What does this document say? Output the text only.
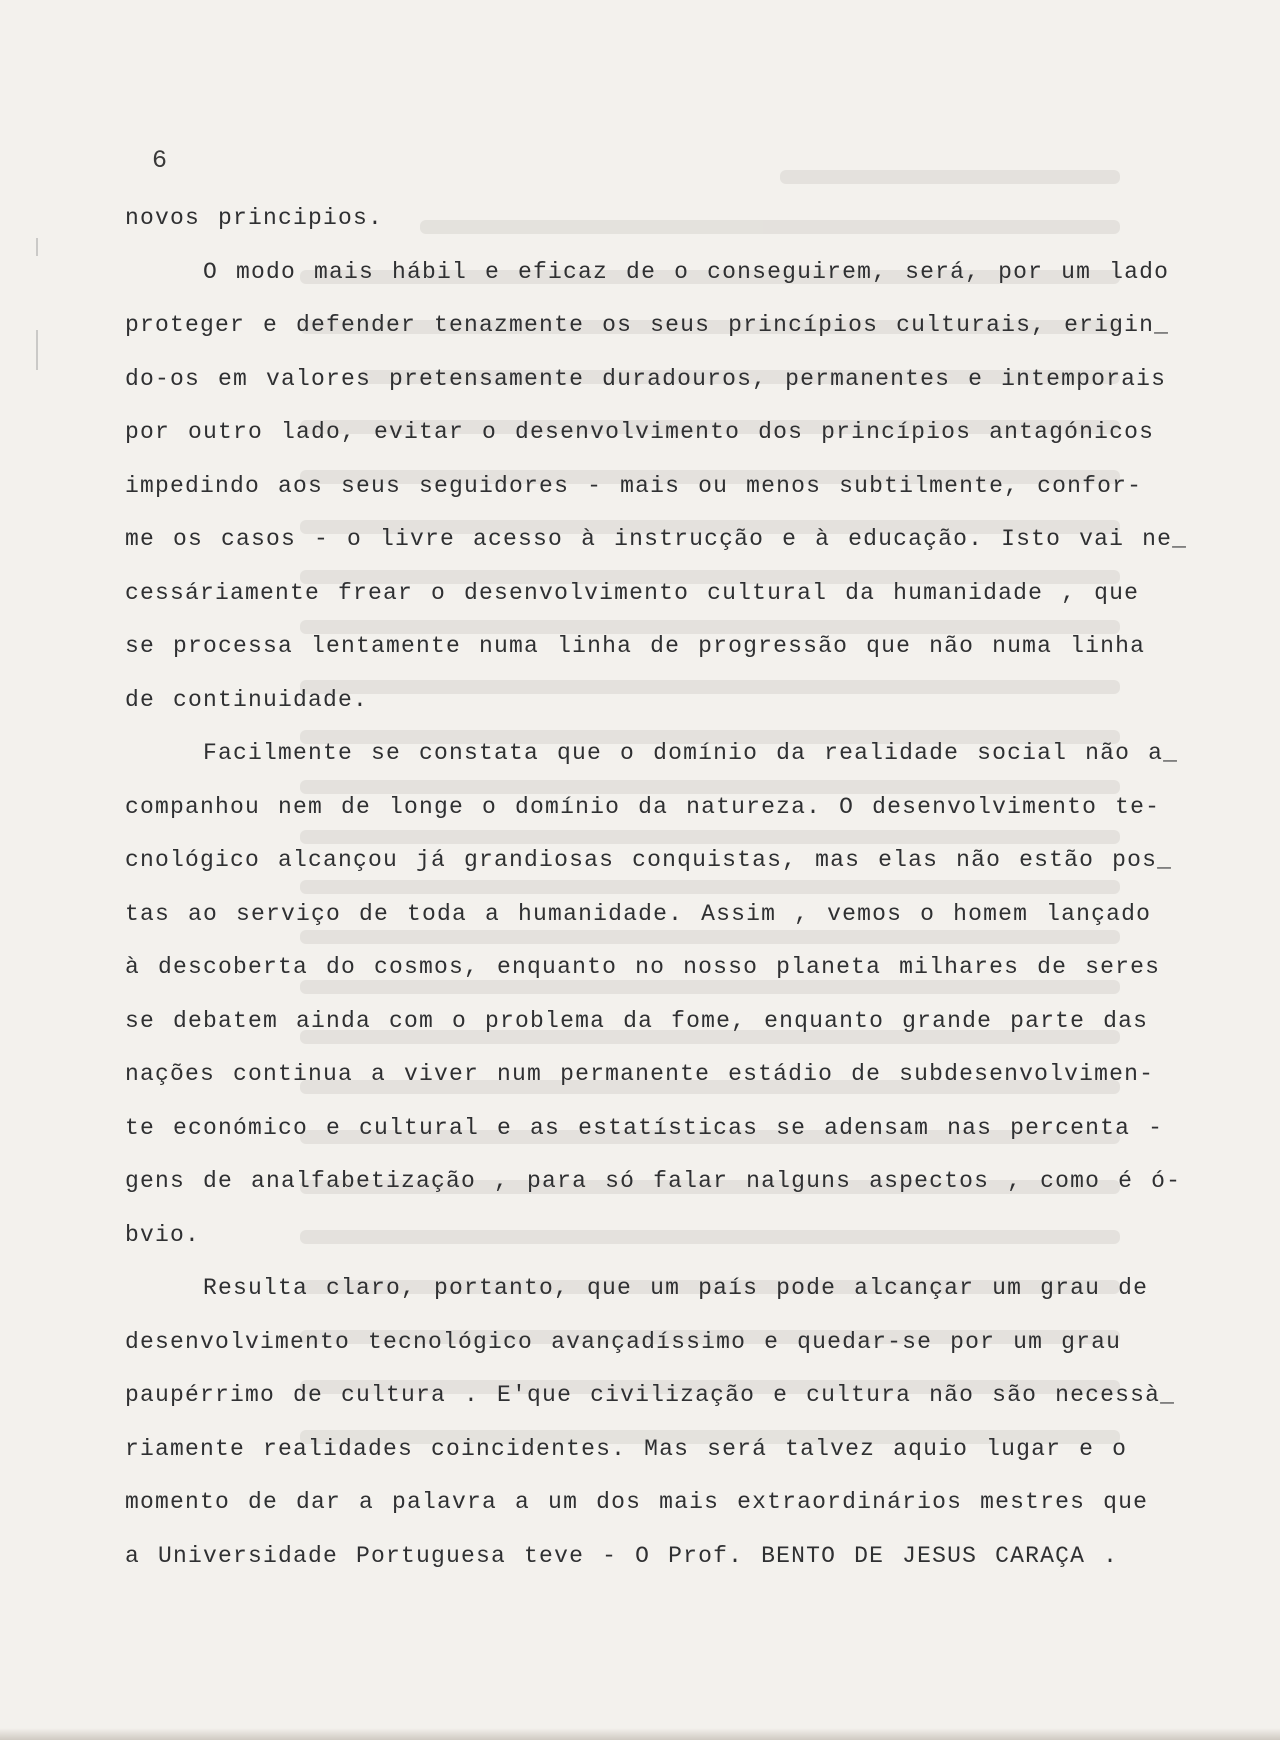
6
novos principios.
O modo mais hábil e eficaz de o conseguirem, será, por um lado
proteger e defender tenazmente os seus princípios culturais, erigin_
do-os em valores pretensamente duradouros, permanentes e intemporais
por outro lado, evitar o desenvolvimento dos princípios antagónicos
impedindo aos seus seguidores - mais ou menos subtilmente, confor-
me os casos - o livre acesso à instrucção e à educação. Isto vai ne_
cessáriamente frear o desenvolvimento cultural da humanidade , que
se processa lentamente numa linha de progressão que não numa linha
de continuidade.
Facilmente se constata que o domínio da realidade social não a_
companhou nem de longe o domínio da natureza. O desenvolvimento te-
cnológico alcançou já grandiosas conquistas, mas elas não estão pos_
tas ao serviço de toda a humanidade. Assim , vemos o homem lançado
à descoberta do cosmos, enquanto no nosso planeta milhares de seres
se debatem ainda com o problema da fome, enquanto grande parte das
nações continua a viver num permanente estádio de subdesenvolvimen-
te económico e cultural e as estatísticas se adensam nas percenta -
gens de analfabetização , para só falar nalguns aspectos , como é ó-
bvio.
Resulta claro, portanto, que um país pode alcançar um grau de
desenvolvimento tecnológico avançadíssimo e quedar-se por um grau
paupérrimo de cultura . E'que civilização e cultura não são necessà_
riamente realidades coincidentes. Mas será talvez aquio lugar e o
momento de dar a palavra a um dos mais extraordinários mestres que
a Universidade Portuguesa teve - O Prof. BENTO DE JESUS CARAÇA .
